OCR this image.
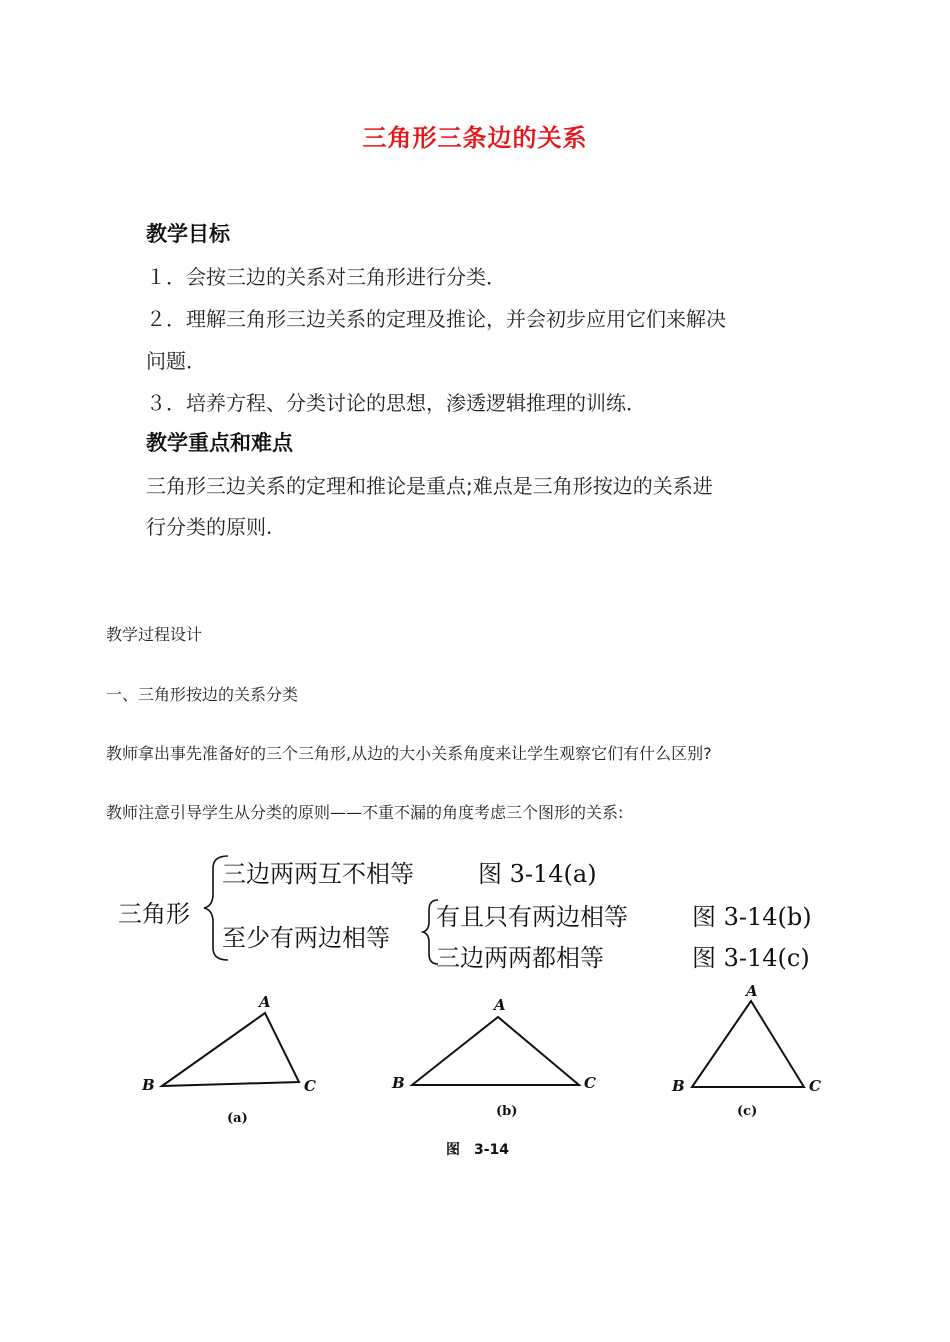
三角形三条边的关系
教学目标
１．会按三边的关系对三角形进行分类．
２．理解三角形三边关系的定理及推论，并会初步应用它们来解决
问题．
３．培养方程、分类讨论的思想，渗透逻辑推理的训练．
教学重点和难点
三角形三边关系的定理和推论是重点;难点是三角形按边的关系进
行分类的原则.
教学过程设计
一、三角形按边的关系分类
教师拿出事先准备好的三个三角形,从边的大小关系角度来让学生观察它们有什么区别?
教师注意引导学生从分类的原则——不重不漏的角度考虑三个图形的关系:
三角形
三边两两互不相等	图 3-14(a)
至少有两边相等
有且只有两边相等	图 3-14(b)
三边两两都相等	图 3-14(c)
A
B	C
(a)
A
B	C
(b)
A
B	C
(c)
图　3-14
